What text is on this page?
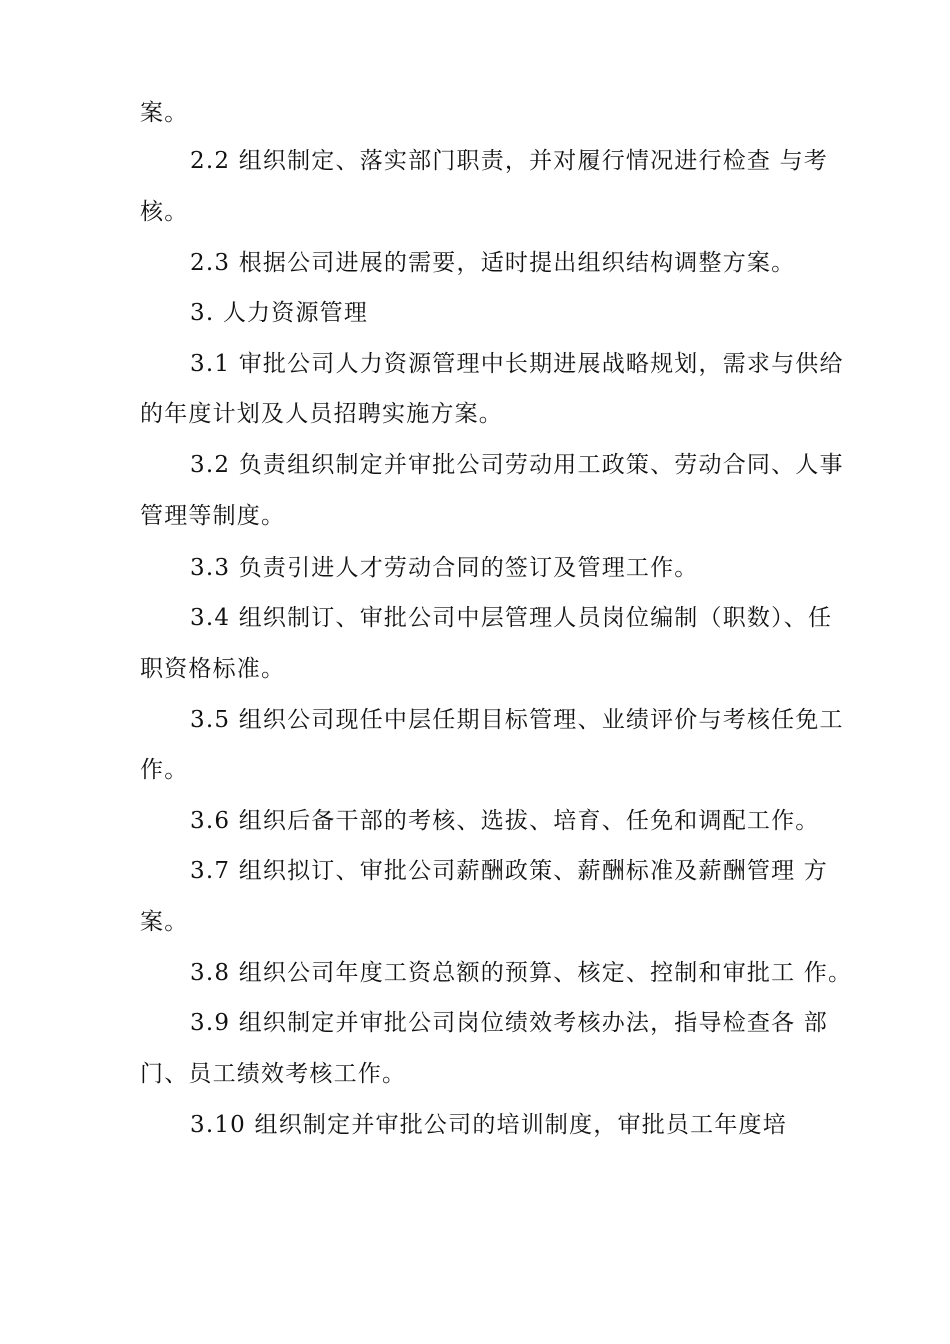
案。
2.2 组织制定、落实部门职责，并对履行情况进行检查 与考
核。
2.3 根据公司进展的需要，适时提出组织结构调整方案。
3. 人力资源管理
3.1 审批公司人力资源管理中长期进展战略规划，需求与 供给
的年度计划及人员招聘实施方案。
3.2 负责组织制定并审批公司劳动用工政策、劳动合同、 人事
管理等制度。
3.3 负责引进人才劳动合同的签订及管理工作。
3.4 组织制订、审批公司中层管理人员岗位编制（职数）、 任
职资格标准。
3.5 组织公司现任中层任期目标管理、业绩评价与考核任 免工
作。
3.6 组织后备干部的考核、选拔、培育、任免和调配工作。
3.7 组织拟订、审批公司薪酬政策、薪酬标准及薪酬管理 方
案。
3.8 组织公司年度工资总额的预算、核定、控制和审批工 作。
3.9 组织制定并审批公司岗位绩效考核办法，指导检查各 部
门、员工绩效考核工作。
3.10 组织制定并审批公司的培训制度，审批员工年度培
